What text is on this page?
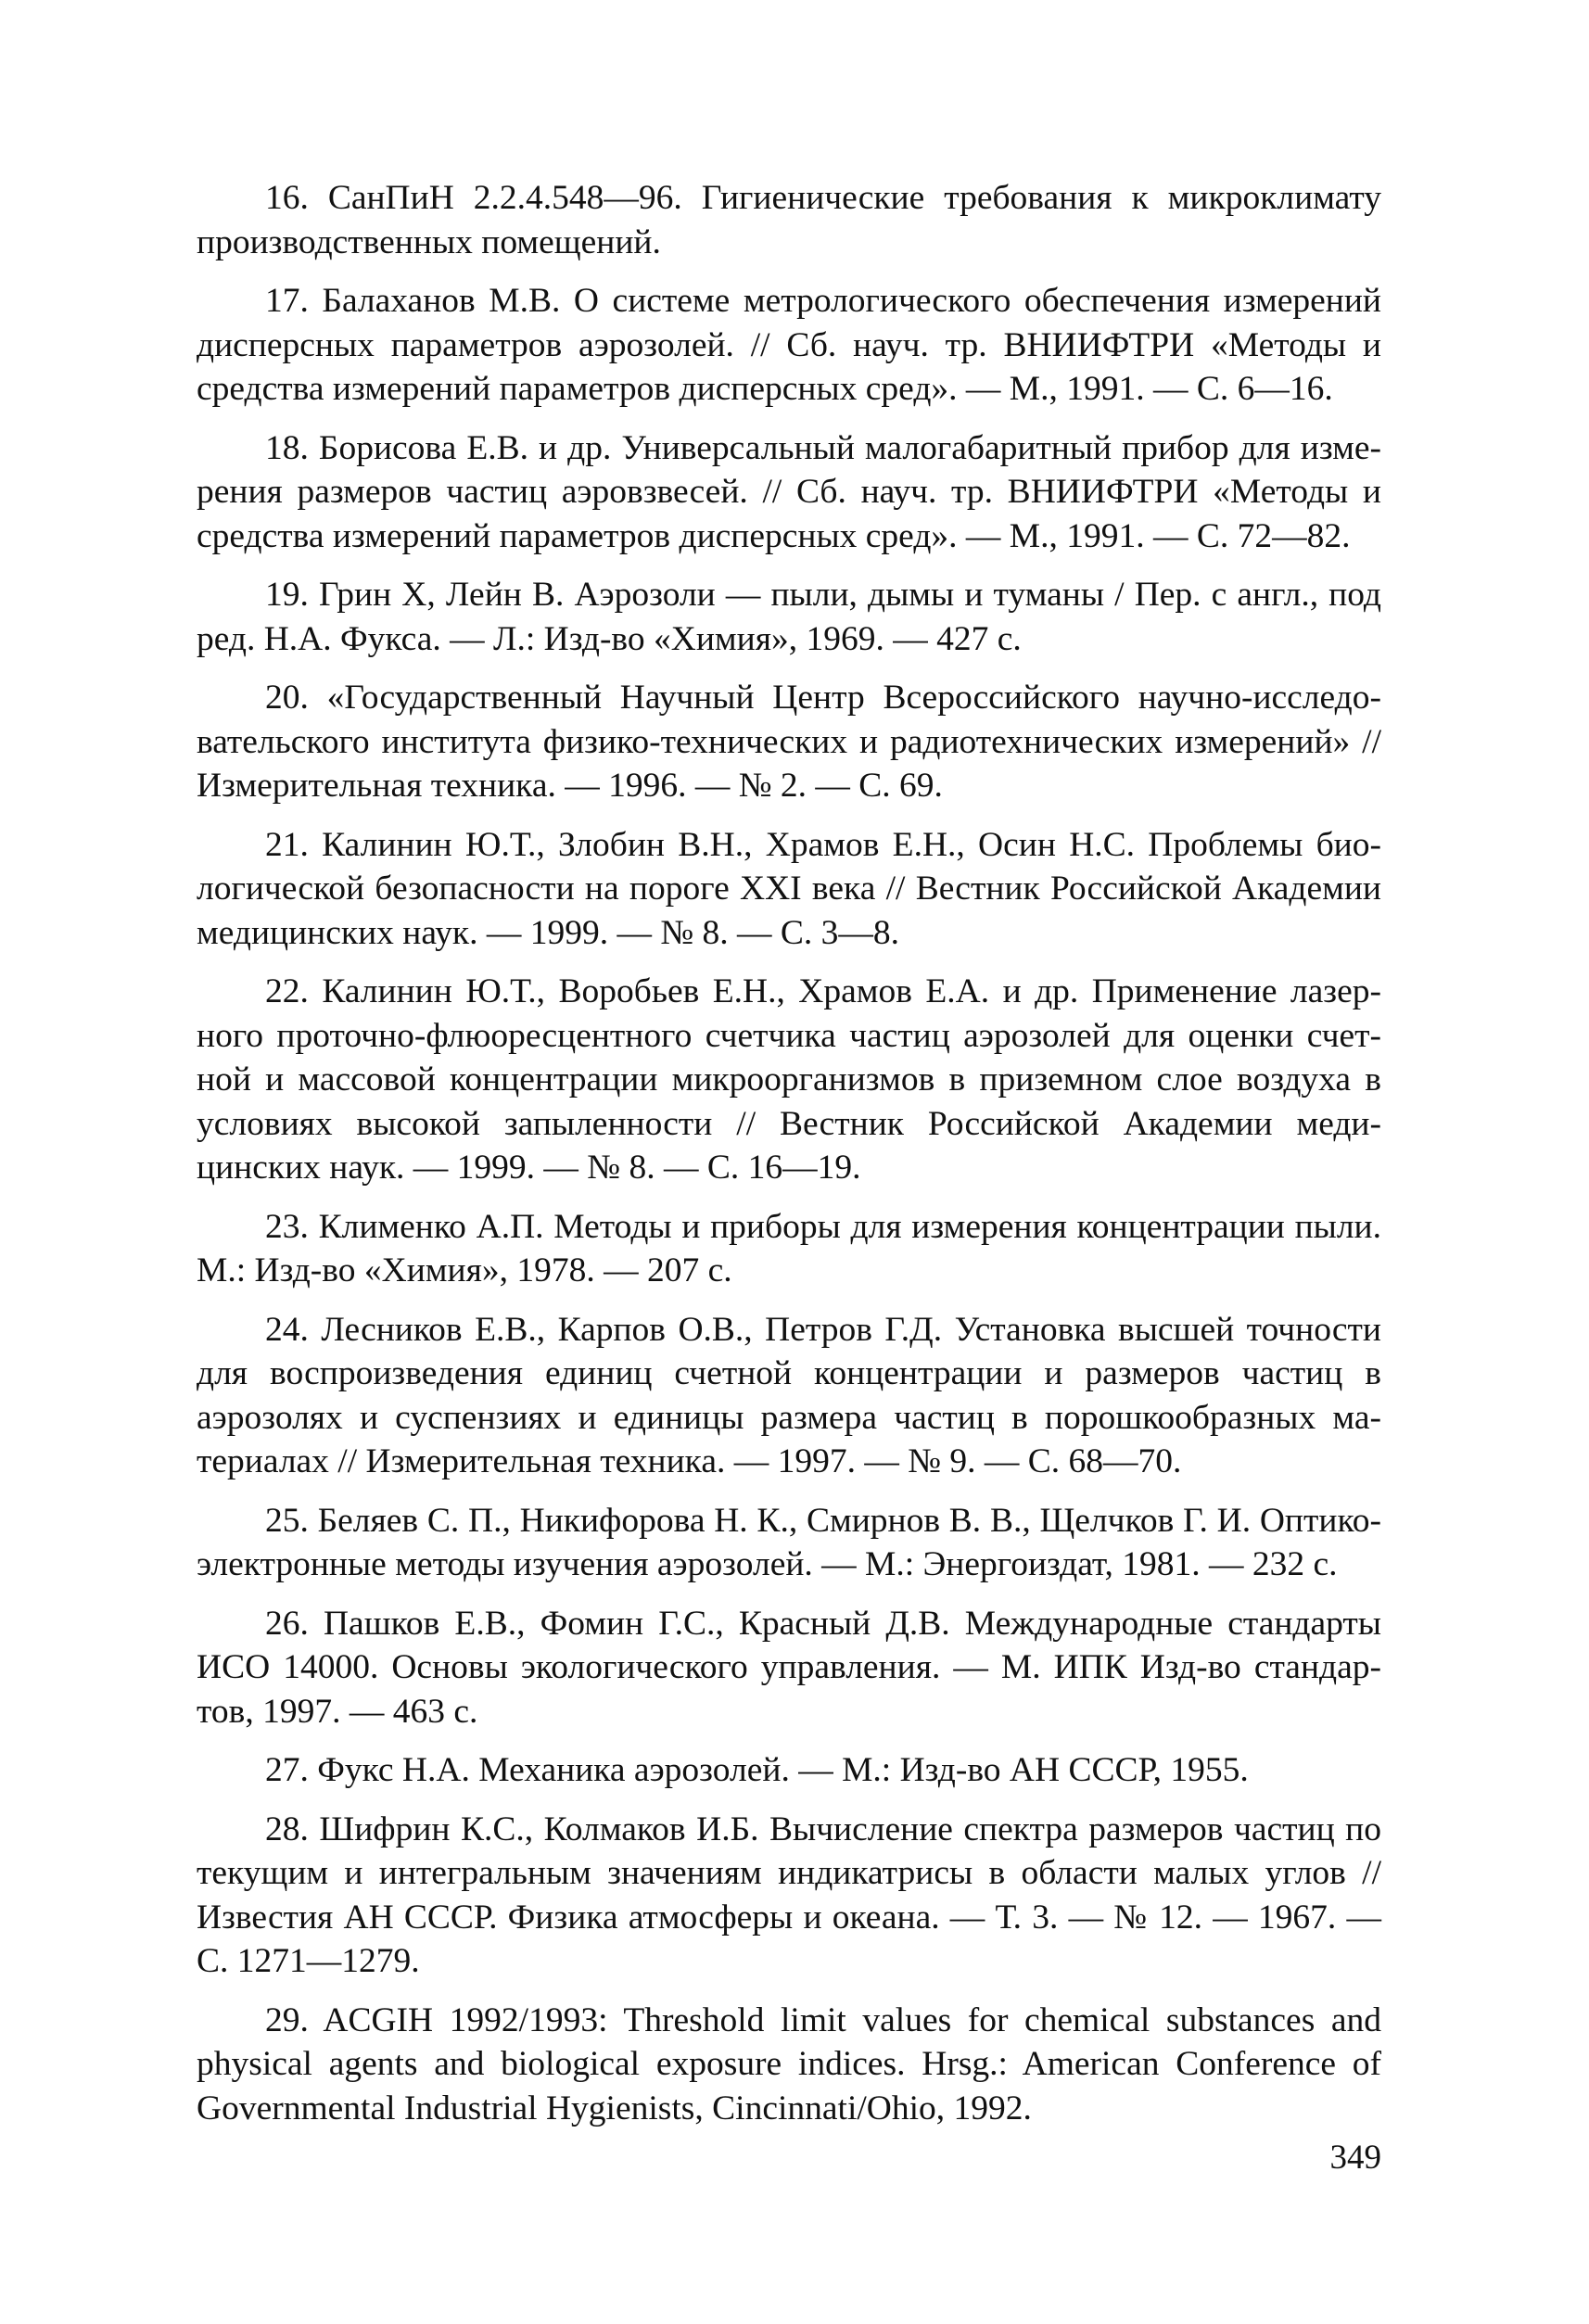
16. СанПиН 2.2.4.548—96. Гигиенические требования к микроклимату производственных помещений.

17. Балаханов М.В. О системе метрологического обеспечения измерений дисперсных параметров аэрозолей. // Сб. науч. тр. ВНИИФТРИ «Методы и средства измерений параметров дисперсных сред». — М., 1991. — С. 6—16.

18. Борисова Е.В. и др. Универсальный малогабаритный прибор для измерения размеров частиц аэровзвесей. // Сб. науч. тр. ВНИИФТРИ «Методы и средства измерений параметров дисперсных сред». — М., 1991. — С. 72—82.

19. Грин Х, Лейн В. Аэрозоли — пыли, дымы и туманы / Пер. с англ., под ред. Н.А. Фукса. — Л.: Изд-во «Химия», 1969. — 427 с.

20. «Государственный Научный Центр Всероссийского научно-исследовательского института физико-технических и радиотехнических измерений» // Измерительная техника. — 1996. — № 2. — С. 69.

21. Калинин Ю.Т., Злобин В.Н., Храмов Е.Н., Осин Н.С. Проблемы биологической безопасности на пороге XXI века // Вестник Российской Академии медицинских наук. — 1999. — № 8. — С. 3—8.

22. Калинин Ю.Т., Воробьев Е.Н., Храмов Е.А. и др. Применение лазерного проточно-флюоресцентного счетчика частиц аэрозолей для оценки счетной и массовой концентрации микроорганизмов в приземном слое воздуха в условиях высокой запыленности // Вестник Российской Академии медицинских наук. — 1999. — № 8. — С. 16—19.

23. Клименко А.П. Методы и приборы для измерения концентрации пыли. М.: Изд-во «Химия», 1978. — 207 с.

24. Лесников Е.В., Карпов О.В., Петров Г.Д. Установка высшей точности для воспроизведения единиц счетной концентрации и размеров частиц в аэрозолях и суспензиях и единицы размера частиц в порошкообразных материалах // Измерительная техника. — 1997. — № 9. — С. 68—70.

25. Беляев С. П., Никифорова Н. К., Смирнов В. В., Щелчков Г. И. Оптико-электронные методы изучения аэрозолей. — М.: Энергоиздат, 1981. — 232 с.

26. Пашков Е.В., Фомин Г.С., Красный Д.В. Международные стандарты ИСО 14000. Основы экологического управления. — М. ИПК Изд-во стандартов, 1997. — 463 с.

27. Фукс Н.А. Механика аэрозолей. — М.: Изд-во АН СССР, 1955.

28. Шифрин К.С., Колмаков И.Б. Вычисление спектра размеров частиц по текущим и интегральным значениям индикатрисы в области малых углов // Известия АН СССР. Физика атмосферы и океана. — Т. 3. — № 12. — 1967. — С. 1271—1279.

29. ACGIH 1992/1993: Threshold limit values for chemical substances and physical agents and biological exposure indices. Hrsg.: American Conference of Governmental Industrial Hygienists, Cincinnati/Ohio, 1992.

349
